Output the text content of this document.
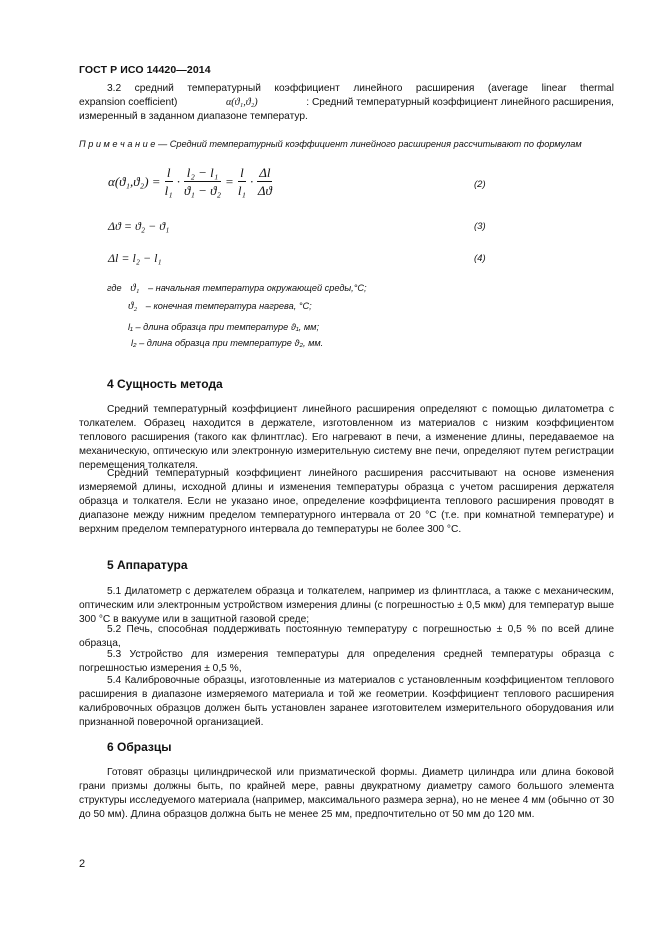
ГОСТ Р ИСО 14420—2014
3.2 средний температурный коэффициент линейного расширения (average linear thermal
expansion coefficient)	α(ϑ₁,ϑ₂)	: Средний температурный коэффициент линейного расширения,
измеренный в заданном диапазоне температур.
П р и м е ч а н и е — Средний температурный коэффициент линейного расширения рассчитывают по формулам
$\alpha(ϑ_1,ϑ_2) = \frac{l}{\text{l₁}} \cdot \frac{\text{l₂ − l₁}}{\text{ϑ₁ − ϑ₂}} = \frac{l}{\text{l₁}} \cdot \frac{\Delta l}{\Delta ϑ}$	(2)
Δϑ = ϑ₂ − ϑ₁	(3)
Δl = l₂ − l₁	(4)
где ϑ₁ – начальная температура окружающей среды,°С;
ϑ₂ – конечная температура нагрева, °С;
l₁ – длина образца при температуре ϑ₁, мм;
l₂ – длина образца при температуре ϑ₂, мм.
4 Сущность метода
Средний температурный коэффициент линейного расширения определяют с помощью дилатометра с толкателем. Образец находится в держателе, изготовленном из материалов с низким коэффициентом теплового расширения (такого как флинтглас). Его нагревают в печи, а изменение длины, передаваемое на механическую, оптическую или электронную измерительную систему вне печи, определяют путем регистрации перемещения толкателя.
Средний температурный коэффициент линейного расширения рассчитывают на основе изменения измеряемой длины, исходной длины и изменения температуры образца с учетом расширения держателя образца и толкателя. Если не указано иное, определение коэффициента теплового расширения проводят в диапазоне между нижним пределом температурного интервала от 20 °С (т.е. при комнатной температуре) и верхним пределом температурного интервала до температуры не более 300 °С.
5 Аппаратура
5.1 Дилатометр с держателем образца и толкателем, например из флинтгласа, а также с механическим, оптическим или электронным устройством измерения длины (с погрешностью ± 0,5 мкм) для температур выше 300 °С в вакууме или в защитной газовой среде;
5.2 Печь, способная поддерживать постоянную температуру с погрешностью ± 0,5 % по всей длине образца,
5.3 Устройство для измерения температуры для определения средней температуры образца с погрешностью измерения ± 0,5 %,
5.4 Калибровочные образцы, изготовленные из материалов с установленным коэффициентом теплового расширения в диапазоне измеряемого материала и той же геометрии. Коэффициент теплового расширения калибровочных образцов должен быть установлен заранее изготовителем измерительного оборудования или признанной поверочной организацией.
6 Образцы
Готовят образцы цилиндрической или призматической формы. Диаметр цилиндра или длина боковой грани призмы должны быть, по крайней мере, равны двукратному диаметру самого большого элемента структуры исследуемого материала (например, максимального размера зерна), но не менее 4 мм (обычно от 30 до 50 мм). Длина образцов должна быть не менее 25 мм, предпочтительно от 50 мм до 120 мм.
2
